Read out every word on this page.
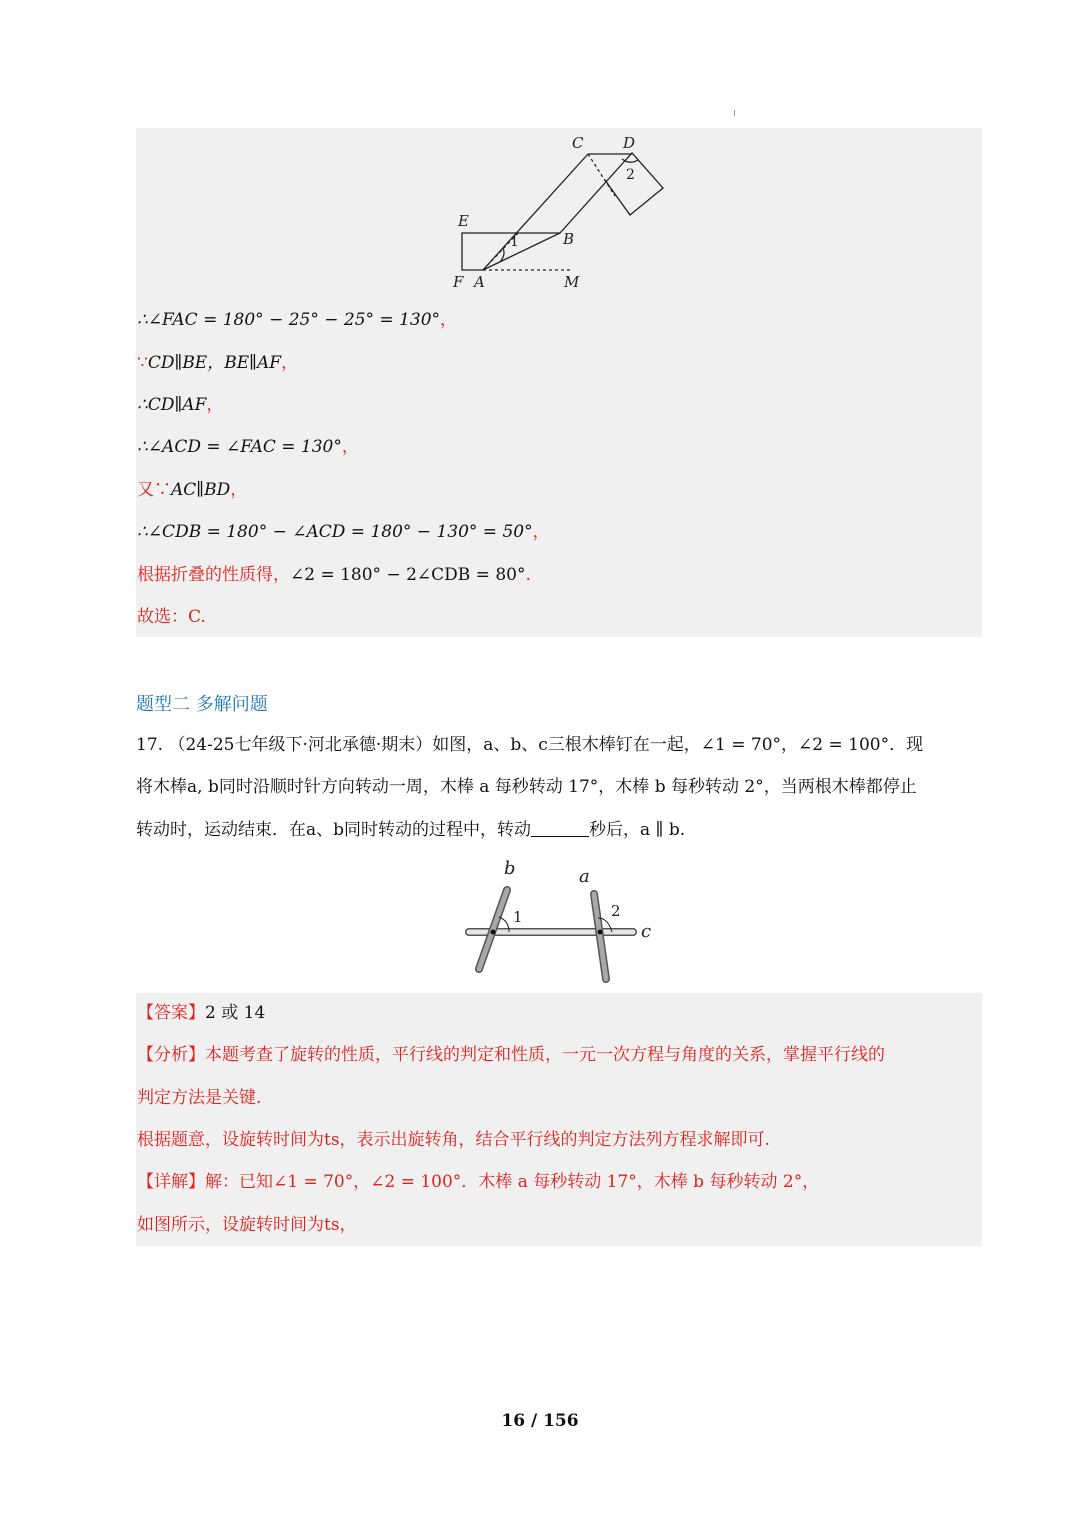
C	D
2
E
B
1
F A	M
∴∠FAC = 180° − 25° − 25° = 130°，
∵CD∥BE，BE∥AF，
∴CD∥AF，
∴∠ACD = ∠FAC = 130°，
又∵AC∥BD，
∴∠CDB = 180° − ∠ACD = 180° − 130° = 50°，
根据折叠的性质得，∠2 = 180° − 2∠CDB = 80°.
故选：C.
题型二 多解问题
17. （24-25七年级下·河北承德·期末）如图，a、b、c三根木棒钉在一起，∠1 = 70°，∠2 = 100°．现
将木棒a, b同时沿顺时针方向转动一周，木棒 a 每秒转动 17°，木棒 b 每秒转动 2°，当两根木棒都停止
转动时，运动结束．在a、b同时转动的过程中，转动	秒后，a ∥ b.
b	a
1	2
c
【答案】2 或 14
【分析】本题考查了旋转的性质，平行线的判定和性质，一元一次方程与角度的关系，掌握平行线的
判定方法是关键.
根据题意，设旋转时间为ts，表示出旋转角，结合平行线的判定方法列方程求解即可.
【详解】解：已知∠1 = 70°，∠2 = 100°．木棒 a 每秒转动 17°，木棒 b 每秒转动 2°，
如图所示，设旋转时间为ts，
16 / 156
